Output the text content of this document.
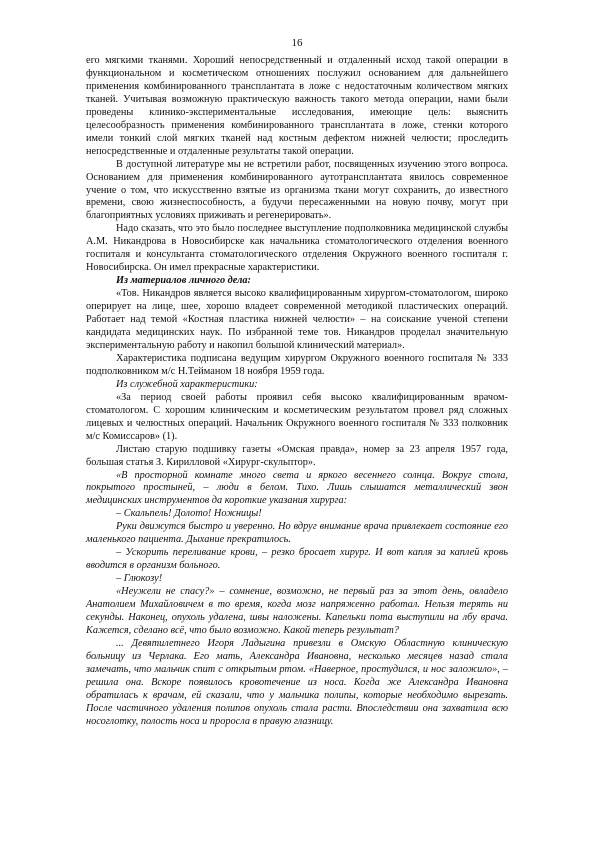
16

его мягкими тканями. Хороший непосредственный и отдаленный исход такой операции в функциональном и косметическом отношениях послужил основанием для дальнейшего применения комбинированного трансплантата в ложе с недостаточным количеством мягких тканей. Учитывая возможную практическую важность такого метода операции, нами были проведены клинико-экспериментальные исследования, имеющие цель: выяснить целесообразность применения комбинированного трансплантата в ложе, стенки которого имели тонкий слой мягких тканей над костным дефектом нижней челюсти; проследить непосредственные и отдаленные результаты такой операции.

В доступной литературе мы не встретили работ, посвященных изучению этого вопроса. Основанием для применения комбинированного аутотрансплантата явилось современное учение о том, что искусственно взятые из организма ткани могут сохранить, до известного времени, свою жизнеспособность, а будучи пересаженными на новую почву, могут при благоприятных условиях приживать и регенерировать».

Надо сказать, что это было последнее выступление подполковника медицинской службы А.М. Никандрова в Новосибирске как начальника стоматологического отделения военного госпиталя и консультанта стоматологического отделения Окружного военного госпиталя г. Новосибирска. Он имел прекрасные характеристики.

Из материалов личного дела:

«Тов. Никандров является высоко квалифицированным хирургом-стоматологом, широко оперирует на лице, шее, хорошо владеет современной методикой пластических операций. Работает над темой «Костная пластика нижней челюсти» – на соискание ученой степени кандидата медицинских наук. По избранной теме тов. Никандров проделал значительную экспериментальную работу и накопил большой клинический материал».

Характеристика подписана ведущим хирургом Окружного военного госпиталя № 333 подполковником м/с Н.Тейманом 18 ноября 1959 года.

Из служебной характеристики:

«За период своей работы проявил себя высоко квалифицированным врачом-стоматологом. С хорошим клиническим и косметическим результатом провел ряд сложных лицевых и челюстных операций. Начальник Окружного военного госпиталя № 333 полковник м/с Комиссаров» (1).

Листаю старую подшивку газеты «Омская правда», номер за 23 апреля 1957 года, большая статья З. Кирилловой «Хирург-скульптор».

«В просторной комнате много света и яркого весеннего солнца. Вокруг стола, покрытого простыней, – люди в белом. Тихо. Лишь слышатся металлический звон медицинских инструментов да короткие указания хирурга:

– Скальпель! Долото! Ножницы!

Руки движутся быстро и уверенно. Но вдруг внимание врача привлекает состояние его маленького пациента. Дыхание прекратилось.

– Ускорить переливание крови, – резко бросает хирург. И вот капля за каплей кровь вводится в организм больного.

– Глюкозу!

«Неужели не спасу?» – сомнение, возможно, не первый раз за этот день, овладело Анатолием Михайловичем в то время, когда мозг напряженно работал. Нельзя терять ни секунды. Наконец, опухоль удалена, швы наложены. Капельки пота выступили на лбу врача. Кажется, сделано всё, что было возможно. Какой теперь результат?

... Девятилетнего Игоря Ладыгина привезли в Омскую Областную клиническую больницу из Черлака. Его мать, Александра Ивановна, несколько месяцев назад стала замечать, что мальчик спит с открытым ртом. «Наверное, простудился, и нос заложило», – решила она. Вскоре появилось кровотечение из носа. Когда же Александра Ивановна обратилась к врачам, ей сказали, что у мальчика полипы, которые необходимо вырезать. После частичного удаления полипов опухоль стала расти. Впоследствии она захватила всю носоглотку, полость носа и проросла в правую глазницу.
